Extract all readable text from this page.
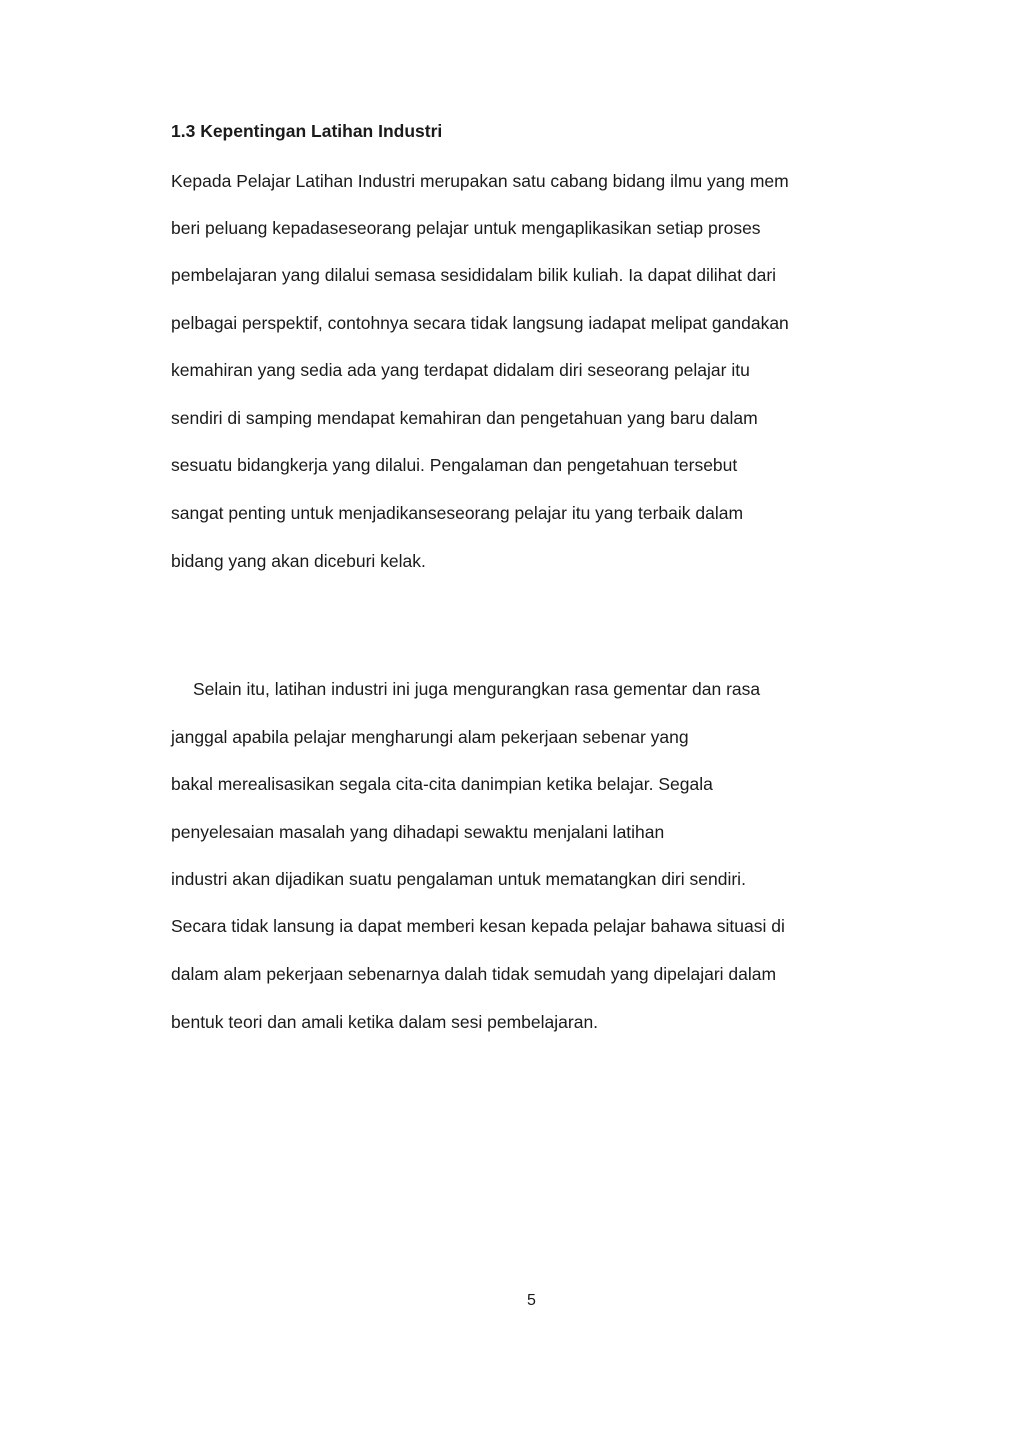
1.3 Kepentingan Latihan Industri
Kepada Pelajar Latihan Industri merupakan satu cabang bidang ilmu yang mem
beri peluang kepadaseseorang pelajar untuk mengaplikasikan setiap proses
pembelajaran yang dilalui semasa sesididalam bilik kuliah. Ia dapat dilihat dari
pelbagai perspektif, contohnya secara tidak langsung iadapat melipat gandakan
kemahiran yang sedia ada yang terdapat didalam diri seseorang pelajar itu
sendiri di samping mendapat kemahiran dan pengetahuan yang baru dalam
sesuatu bidangkerja yang dilalui. Pengalaman dan pengetahuan tersebut
sangat penting untuk menjadikanseseorang pelajar itu yang terbaik dalam
bidang yang akan diceburi kelak.
Selain itu, latihan industri ini juga mengurangkan rasa gementar dan rasa
janggal apabila pelajar mengharungi alam pekerjaan sebenar yang
bakal merealisasikan segala cita-cita danimpian ketika belajar. Segala
penyelesaian masalah yang dihadapi sewaktu menjalani latihan
industri akan dijadikan suatu pengalaman untuk mematangkan diri sendiri.
Secara tidak lansung ia dapat memberi kesan kepada pelajar bahawa situasi di
dalam alam pekerjaan sebenarnya dalah tidak semudah yang dipelajari dalam
bentuk teori dan amali ketika dalam sesi pembelajaran.
5
